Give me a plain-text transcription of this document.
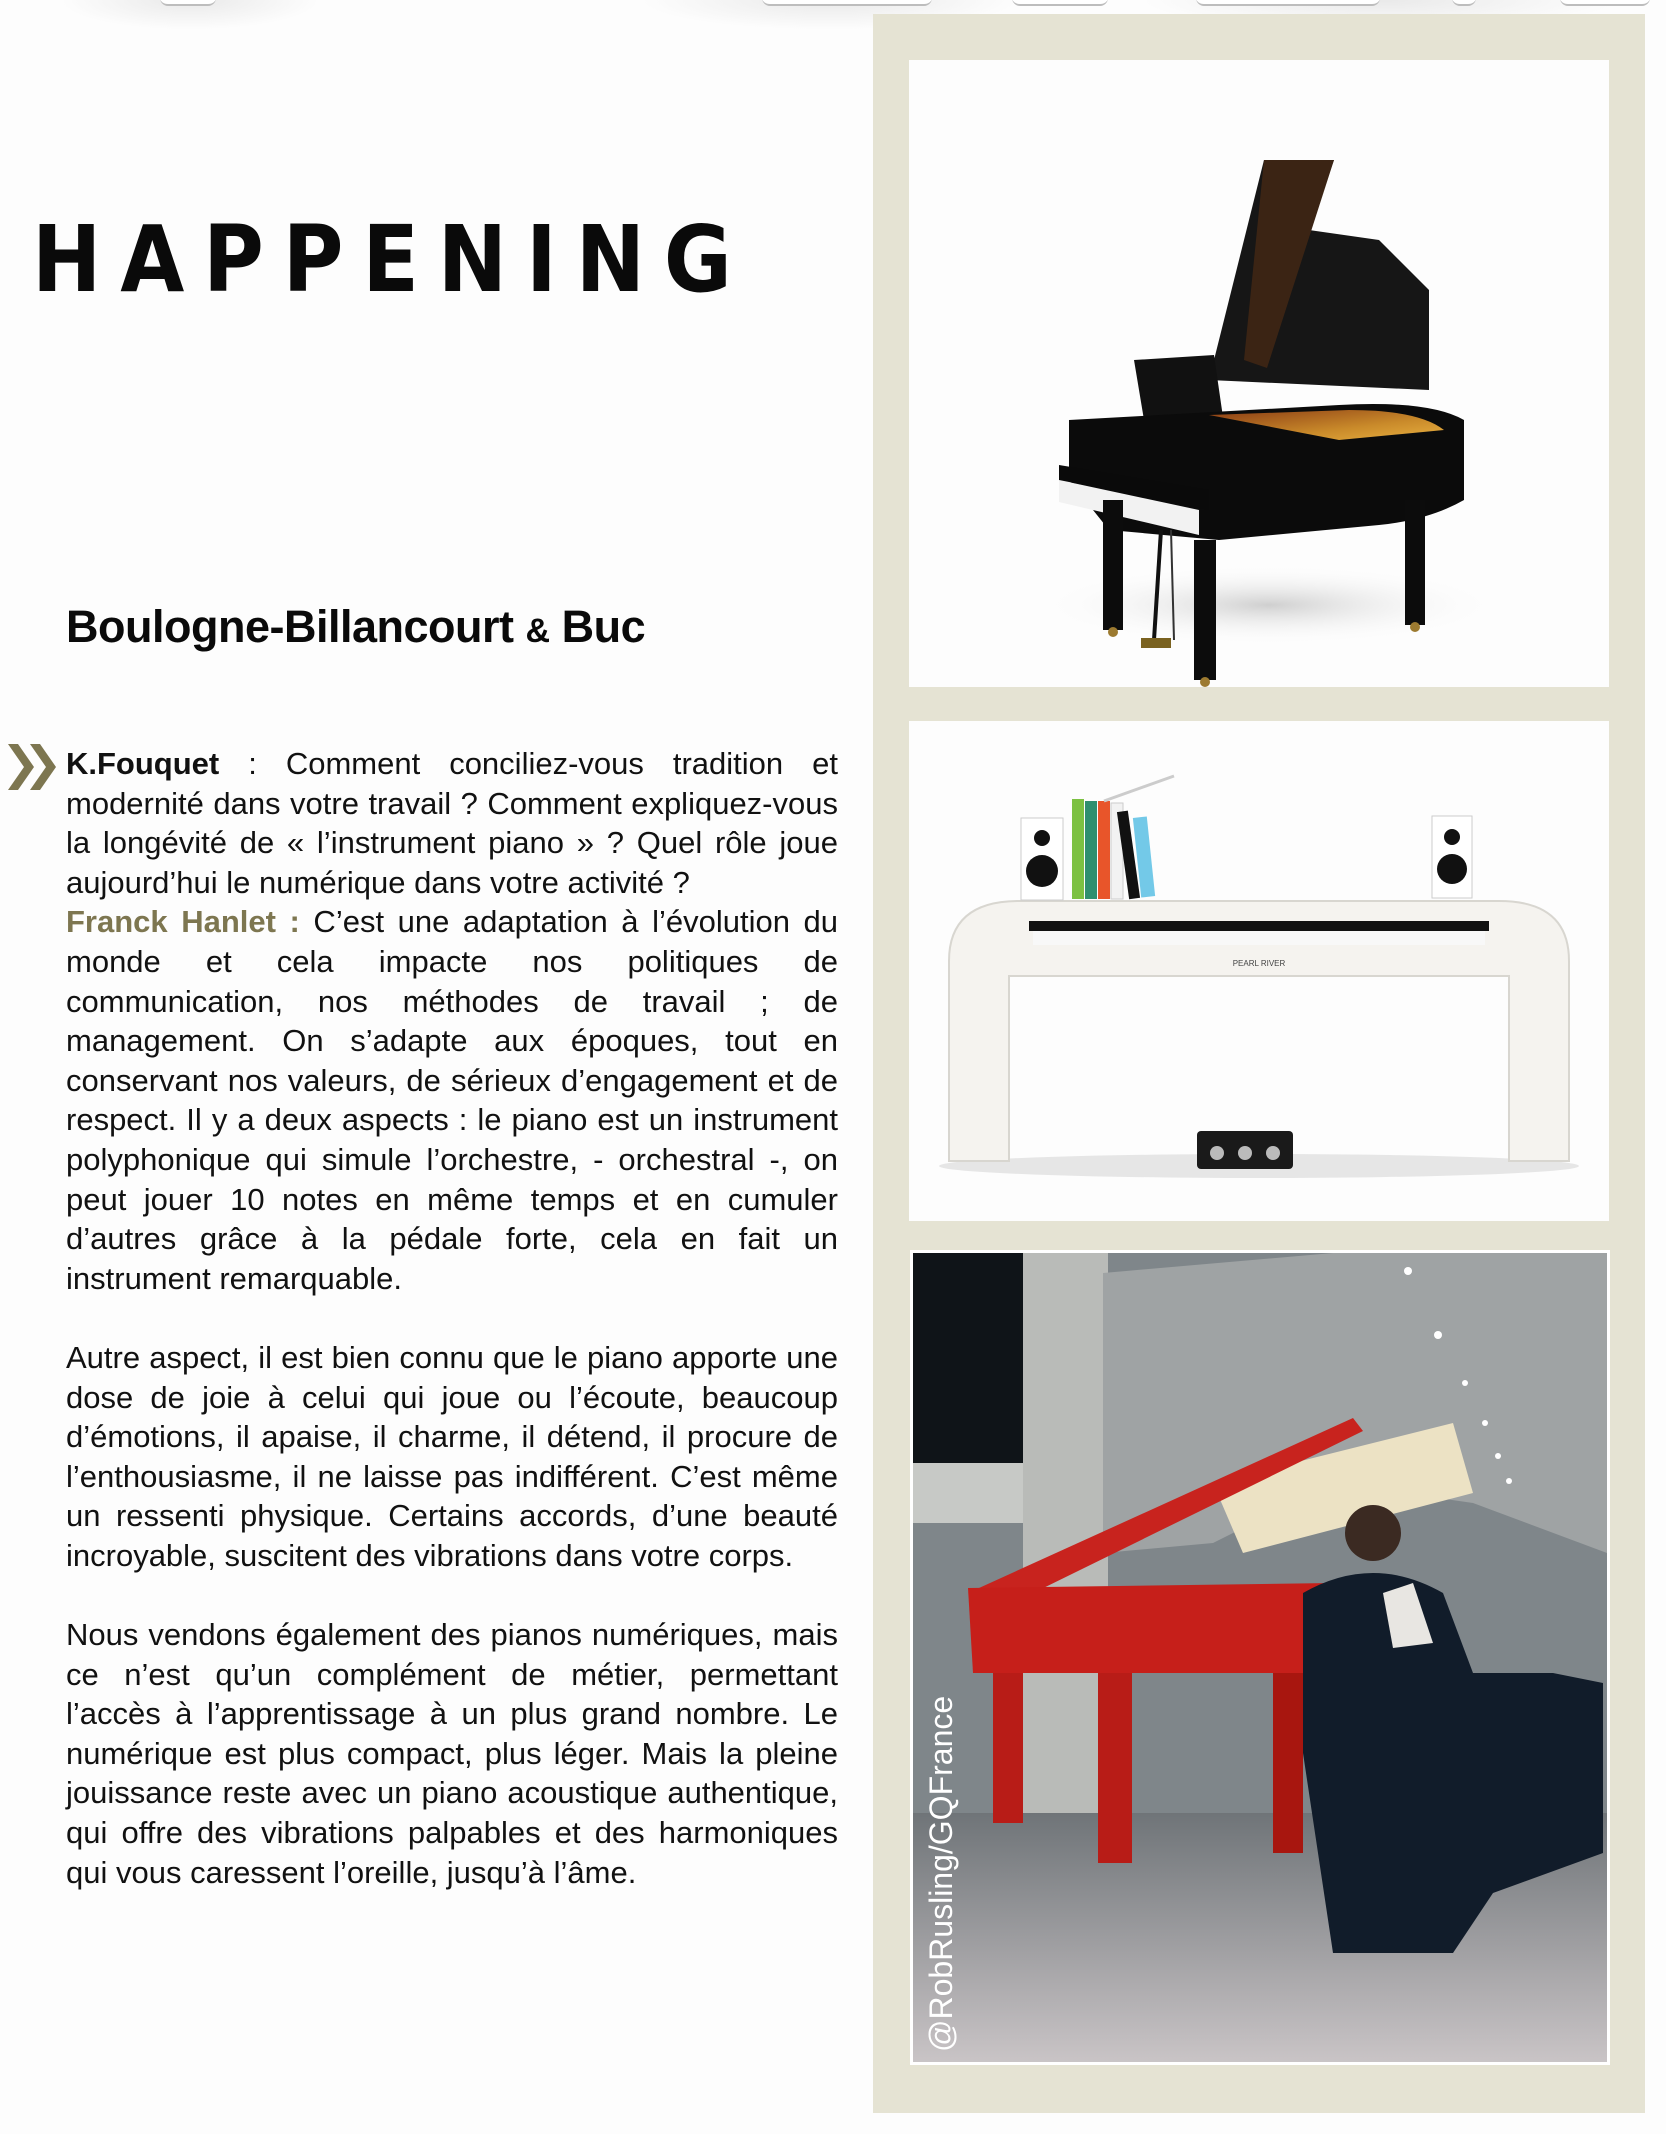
HAPPENING
Boulogne-Billancourt & Buc

K.Fouquet : Comment conciliez-vous tradition et modernité dans votre travail ? Comment expliquez-vous la longévité de « l’instrument piano » ? Quel rôle joue aujourd’hui le numérique dans votre activité ?
Franck Hanlet : C’est une adaptation à l’évolution du monde et cela impacte nos politiques de communication, nos méthodes de travail ; de management. On s’adapte aux époques, tout en conservant nos valeurs, de sérieux d’engagement et de respect. Il y a deux aspects : le piano est un instrument polyphonique qui simule l’orchestre, - orchestral -, on peut jouer 10 notes en même temps et en cumuler d’autres grâce à la pédale forte, cela en fait un instrument remarquable.

Autre aspect, il est bien connu que le piano apporte une dose de joie à celui qui joue ou l’écoute, beaucoup d’émotions, il apaise, il charme, il détend, il procure de l’enthousiasme, il ne laisse pas indifférent. C’est même un ressenti physique. Certains accords, d’une beauté incroyable, suscitent des vibrations dans votre corps.

Nous vendons également des pianos numériques, mais ce n’est qu’un complément de métier, permettant l’accès à l’apprentissage à un plus grand nombre. Le numérique est plus compact, plus léger. Mais la pleine jouissance reste avec un piano acoustique authentique, qui offre des vibrations palpables et des harmoniques qui vous caressent l’oreille, jusqu’à l’âme.

PEARL RIVER
@RobRusling/GQFrance
